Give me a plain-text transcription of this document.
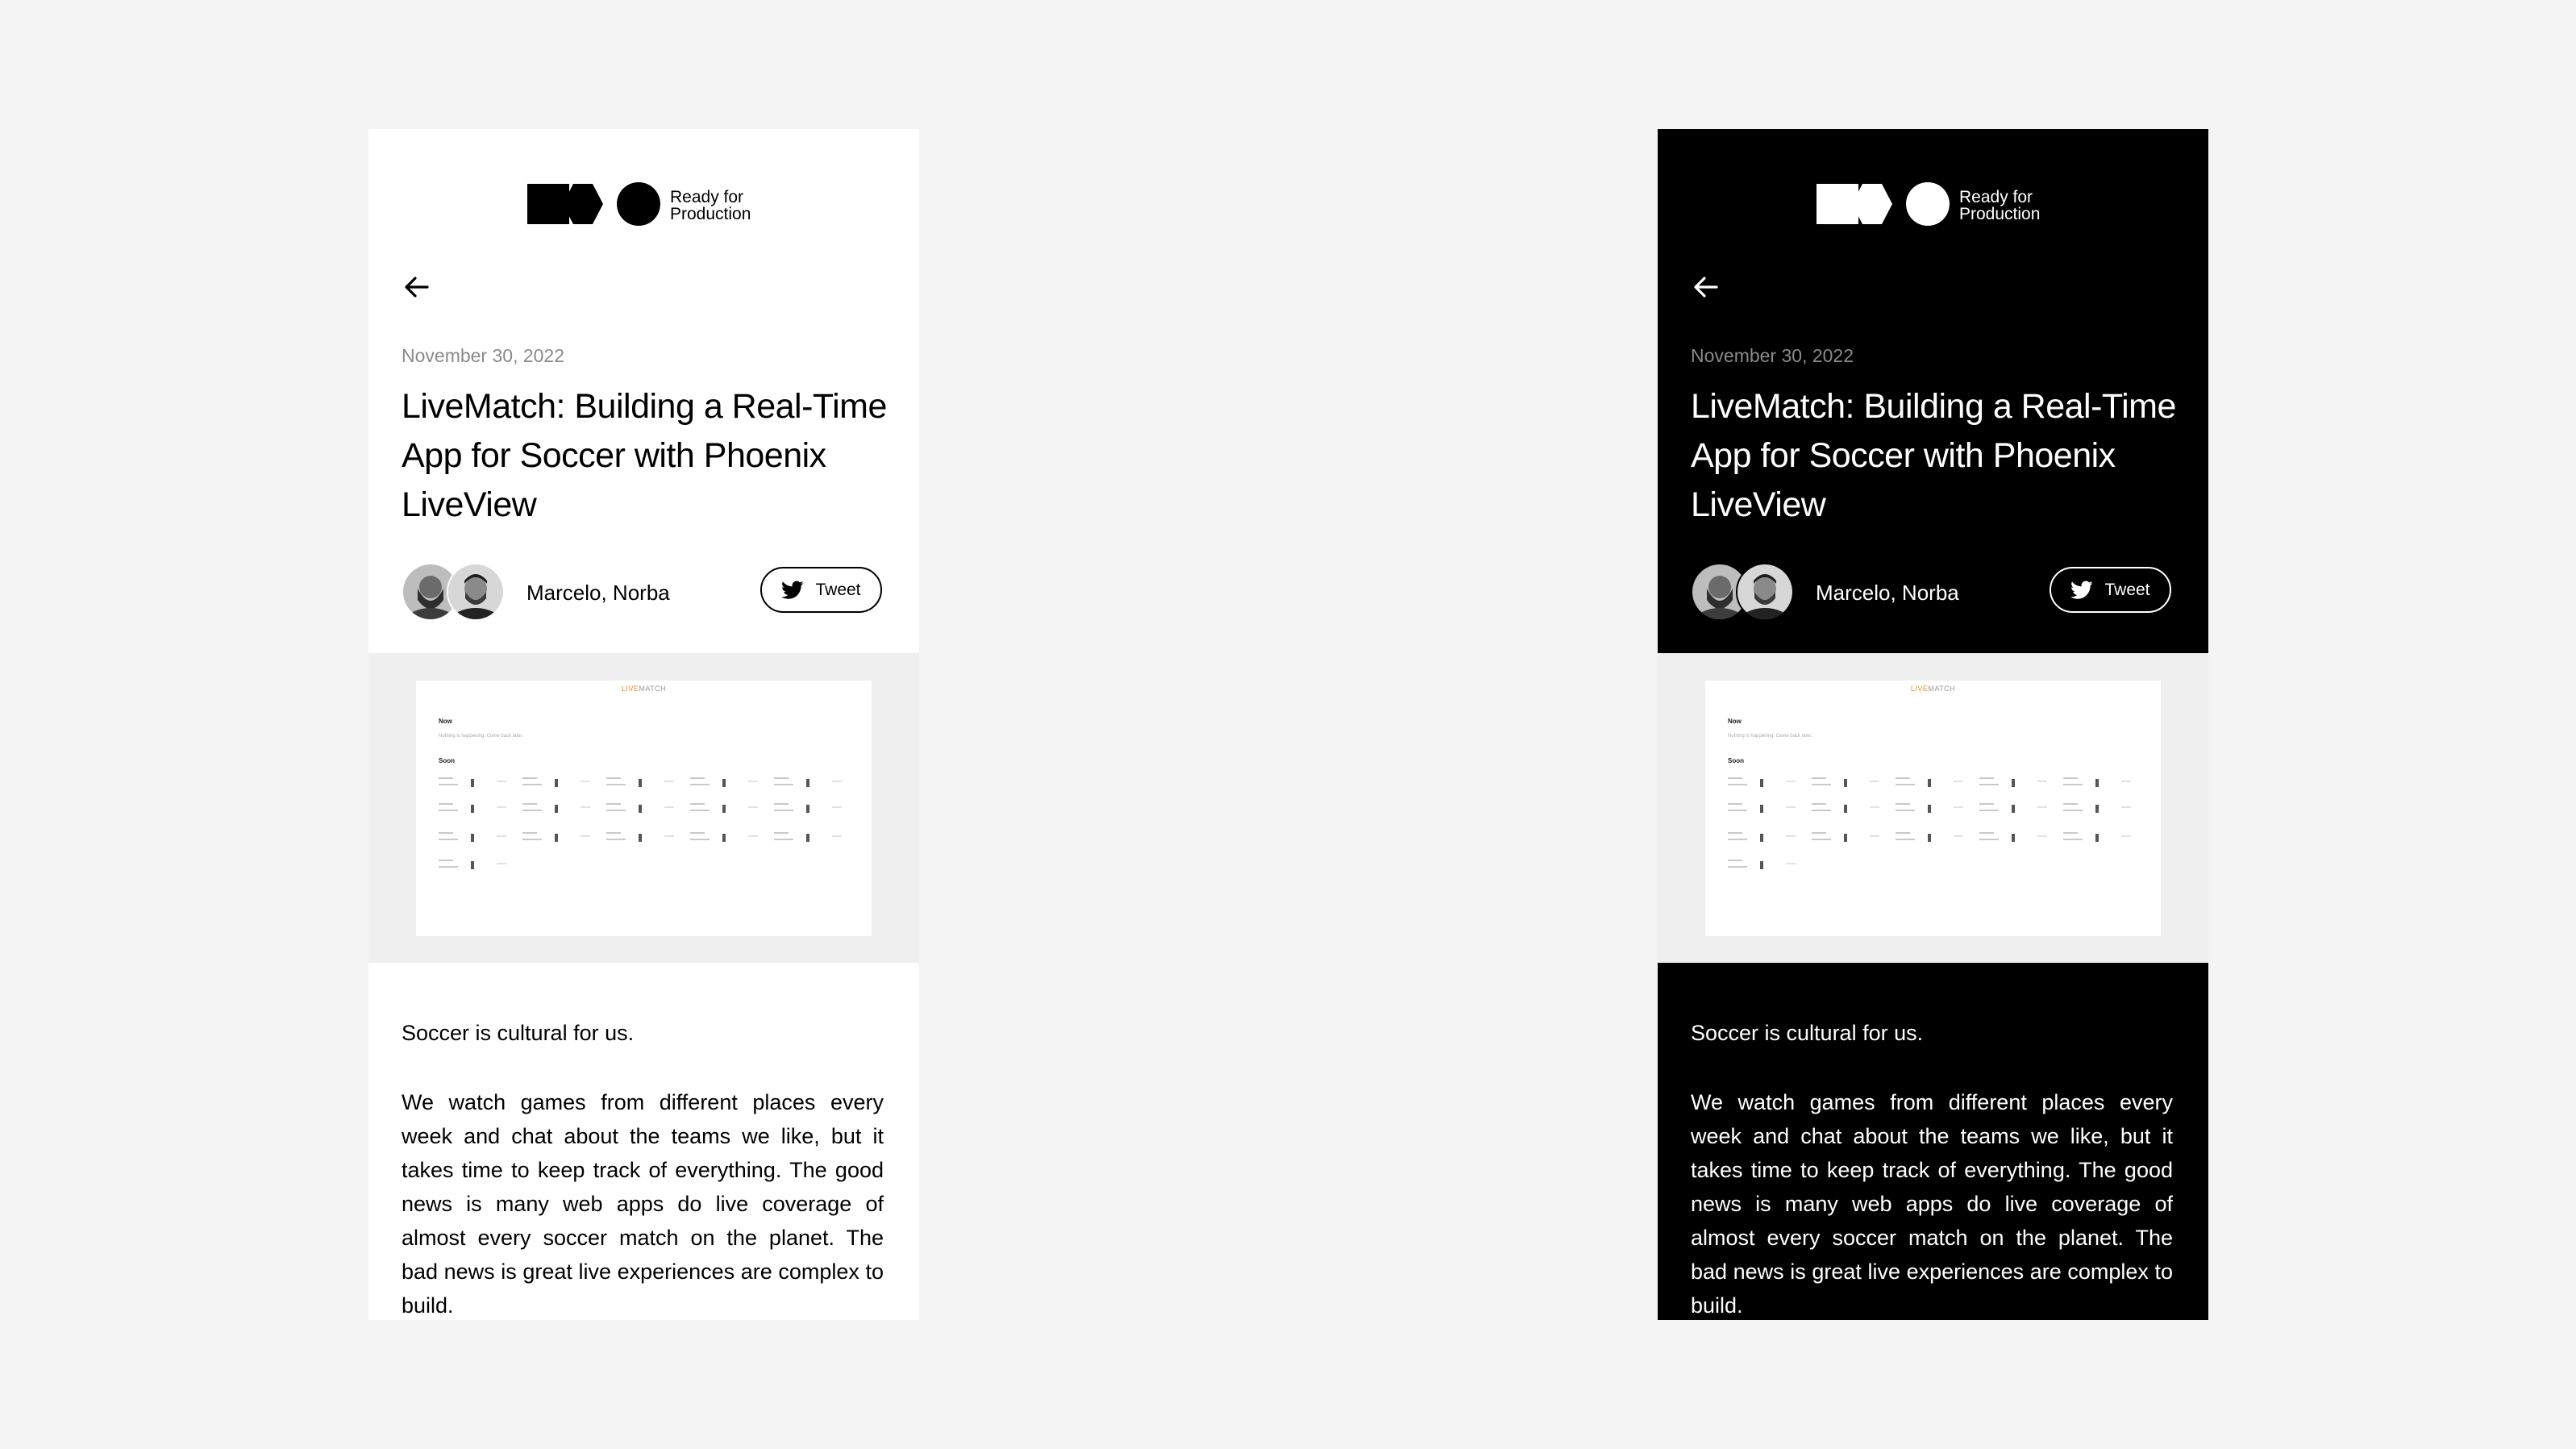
Ready for
Production
November 30, 2022
LiveMatch: Building a Real-Time App for Soccer with Phoenix LiveView
Marcelo, Norba	Tweet
LIVEMATCH
Now
Nothing is happening. Come back later.
Soon
Soccer is cultural for us.

We watch games from different places every week and chat about the teams we like, but it takes time to keep track of everything. The good news is many web apps do live coverage of almost every soccer match on the planet. The bad news is great live experiences are complex to build.

Ready for
Production
November 30, 2022
LiveMatch: Building a Real-Time App for Soccer with Phoenix LiveView
Marcelo, Norba	Tweet
LIVEMATCH
Now
Nothing is happening. Come back later.
Soon
Soccer is cultural for us.

We watch games from different places every week and chat about the teams we like, but it takes time to keep track of everything. The good news is many web apps do live coverage of almost every soccer match on the planet. The bad news is great live experiences are complex to build.
